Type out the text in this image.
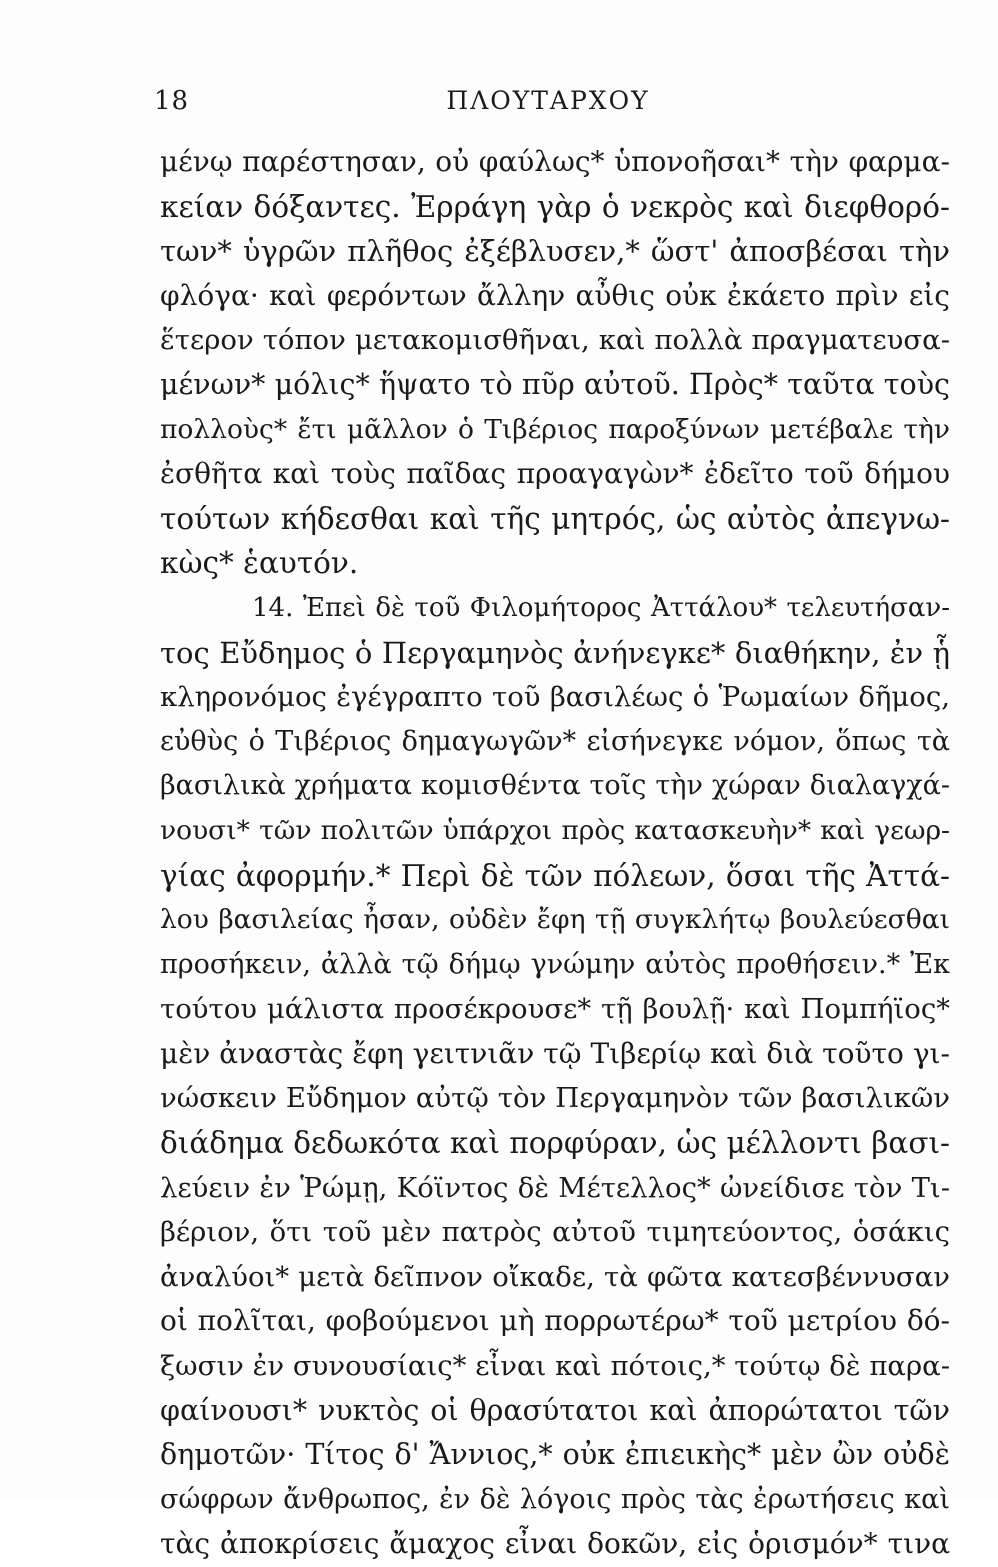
18	ΠΛΟΥΤΑΡΧΟΥ
μένῳ παρέστησαν, οὐ φαύλως* ὑπονοῆσαι* τὴν φαρμα-
κείαν δόξαντες. Ἐρράγη γὰρ ὁ νεκρὸς καὶ διεφθορό-
των* ὑγρῶν πλῆθος ἐξέβλυσεν,* ὥστ' ἀποσβέσαι τὴν
φλόγα· καὶ φερόντων ἄλλην αὖθις οὐκ ἐκάετο πρὶν εἰς
ἕτερον τόπον μετακομισθῆναι, καὶ πολλὰ πραγματευσα-
μένων* μόλις* ἥψατο τὸ πῦρ αὐτοῦ. Πρὸς* ταῦτα τοὺς
πολλοὺς* ἔτι μᾶλλον ὁ Τιβέριος παροξύνων μετέβαλε τὴν
ἐσθῆτα καὶ τοὺς παῖδας προαγαγὼν* ἐδεῖτο τοῦ δήμου
τούτων κήδεσθαι καὶ τῆς μητρός, ὡς αὐτὸς ἀπεγνω-
κὼς* ἑαυτόν.
14. Ἐπεὶ δὲ τοῦ Φιλομήτορος Ἀττάλου* τελευτήσαν-
τος Εὔδημος ὁ Περγαμηνὸς ἀνήνεγκε* διαθήκην, ἐν ᾗ
κληρονόμος ἐγέγραπτο τοῦ βασιλέως ὁ Ῥωμαίων δῆμος,
εὐθὺς ὁ Τιβέριος δημαγωγῶν* εἰσήνεγκε νόμον, ὅπως τὰ
βασιλικὰ χρήματα κομισθέντα τοῖς τὴν χώραν διαλαγχά-
νουσι* τῶν πολιτῶν ὑπάρχοι πρὸς κατασκευὴν* καὶ γεωρ-
γίας ἀφορμήν.* Περὶ δὲ τῶν πόλεων, ὅσαι τῆς Ἀττά-
λου βασιλείας ἦσαν, οὐδὲν ἔφη τῇ συγκλήτῳ βουλεύεσθαι
προσήκειν, ἀλλὰ τῷ δήμῳ γνώμην αὐτὸς προθήσειν.* Ἐκ
τούτου μάλιστα προσέκρουσε* τῇ βουλῇ· καὶ Πομπήϊος*
μὲν ἀναστὰς ἔφη γειτνιᾶν τῷ Τιβερίῳ καὶ διὰ τοῦτο γι-
νώσκειν Εὔδημον αὐτῷ τὸν Περγαμηνὸν τῶν βασιλικῶν
διάδημα δεδωκότα καὶ πορφύραν, ὡς μέλλοντι βασι-
λεύειν ἐν Ῥώμῃ, Κόϊντος δὲ Μέτελλος* ὠνείδισε τὸν Τι-
βέριον, ὅτι τοῦ μὲν πατρὸς αὐτοῦ τιμητεύοντος, ὁσάκις
ἀναλύοι* μετὰ δεῖπνον οἴκαδε, τὰ φῶτα κατεσβέννυσαν
οἱ πολῖται, φοβούμενοι μὴ πορρωτέρω* τοῦ μετρίου δό-
ξωσιν ἐν συνουσίαις* εἶναι καὶ πότοις,* τούτῳ δὲ παρα-
φαίνουσι* νυκτὸς οἱ θρασύτατοι καὶ ἀπορώτατοι τῶν
δημοτῶν· Τίτος δ' Ἄννιος,* οὐκ ἐπιεικὴς* μὲν ὢν οὐδὲ
σώφρων ἄνθρωπος, ἐν δὲ λόγοις πρὸς τὰς ἐρωτήσεις καὶ
τὰς ἀποκρίσεις ἄμαχος εἶναι δοκῶν, εἰς ὁρισμόν* τινα
